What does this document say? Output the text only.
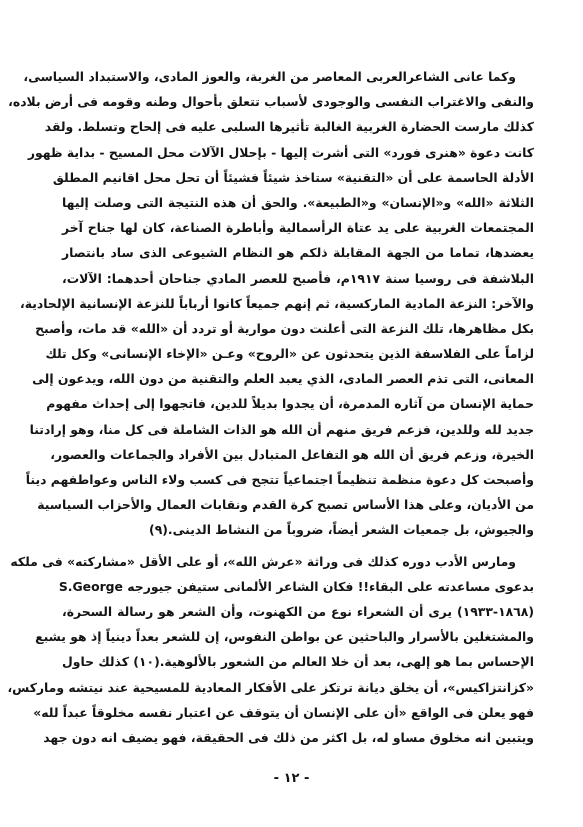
وكما عانى الشاعرالعربى المعاصر من الغربة، والعوز المادى، والاستبداد السياسى،
والنفى والاغتراب النفسى والوجودى لأسباب تتعلق بأحوال وطنه وقومه فى أرض بلاده،
كذلك مارست الحضارة الغربية الغالبة تأثيرها السلبى عليه فى إلحاح وتسلط. ولقد
كانت دعوة «هنرى فورد» التى أشرت إليها - بإحلال الآلات محل المسيح - بداية ظهور
الأدلة الحاسمة على أن «التقنية» ستاخذ شيئاً فشيئاً أن تحل محل اقانيم المطلق
الثلاثة «الله» و«الإنسان» و«الطبيعة». والحق أن هذه النتيجة التى وصلت إليها
المجتمعات الغربية على يد عتاة الرأسمالية وأباطرة الصناعة، كان لها جناح آخر
يعضدها، تماما من الجهة المقابلة ذلكم هو النظام الشيوعى الذى ساد بانتصار
البلاشفة فى روسيا سنة ١٩١٧م، فأصبح للعصر المادي جناحان أحدهما: الآلات،
والآخر: النزعة المادية الماركسية، ثم إنهم جميعاً كانوا أرباباً للنزعة الإنسانية الإلحادية،
بكل مظاهرها، تلك النزعة التى أعلنت دون موارية أو تردد أن «الله» قد مات، وأصبح
لزاماً على الفلاسفة الذين يتحدثون عن «الروح» وعـن «الإخاء الإنسانى» وكل تلك
المعانى، التى تذم العصر المادى، الذي يعبد العلم والتقنية من دون الله، ويدعون إلى
حماية الإنسان من آثاره المدمرة، أن يجدوا بديلاً للدين، فاتجهوا إلى إحداث مفهوم
جديد لله وللدين، فزعم فريق منهم أن الله هو الذات الشاملة فى كل منا، وهو إرادتنا
الخيرة، وزعم فريق أن الله هو التفاعل المتبادل بين الأفراد والجماعات والعصور،
وأصبحت كل دعوة منظمة تنظيماً اجتماعياً تتجح فى كسب ولاء الناس وعواطفهم ديناً
من الأديان، وعلى هذا الأساس تصبح كرة القدم ونقابات العمال والأحزاب السياسية
والجيوش، بل جمعيات الشعر أيضاً، ضروباً من النشاط الدينى.(٩)

ومارس الأدب دوره كذلك فى وراثة «عرش الله»، أو على الأقل «مشاركته» فى ملكه
بدعوى مساعدته على البقاء!! فكان الشاعر الألمانى ستيفن جيورجه S.George
(١٨٦٨-١٩٣٣) يرى أن الشعراء نوع من الكهنوت، وأن الشعر هو رسالة السحرة،
والمشتغلين بالأسرار والباحثين عن بواطن النفوس، إن للشعر بعداً دينياً إذ هو يشبع
الإحساس بما هو إلهى، بعد أن خلا العالم من الشعور بالألوهية.(١٠) كذلك حاول
«كزانتزاكيس»، أن يخلق ديانة ترتكز على الأفكار المعادية للمسيحية عند نيتشه وماركس،
فهو يعلن فى الواقع «أن على الإنسان أن يتوقف عن اعتبار نفسه مخلوقاً عبداً لله»
ويتبين انه مخلوق مساو له، بل اكثر من ذلك فى الحقيقة، فهو يضيف انه دون جهد

- ١٢ -
